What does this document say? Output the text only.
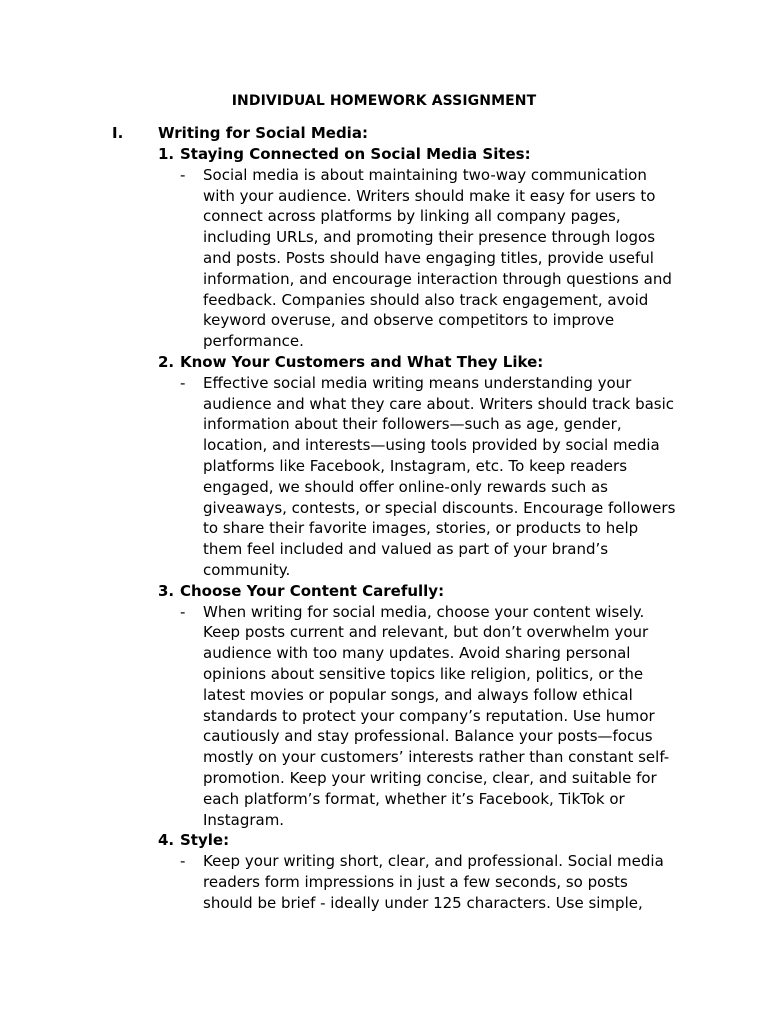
INDIVIDUAL HOMEWORK ASSIGNMENT
I. Writing for Social Media:
1. Staying Connected on Social Media Sites:
- Social media is about maintaining two-way communication
with your audience. Writers should make it easy for users to
connect across platforms by linking all company pages,
including URLs, and promoting their presence through logos
and posts. Posts should have engaging titles, provide useful
information, and encourage interaction through questions and
feedback. Companies should also track engagement, avoid
keyword overuse, and observe competitors to improve
performance.
2. Know Your Customers and What They Like:
- Effective social media writing means understanding your
audience and what they care about. Writers should track basic
information about their followers—such as age, gender,
location, and interests—using tools provided by social media
platforms like Facebook, Instagram, etc. To keep readers
engaged, we should offer online-only rewards such as
giveaways, contests, or special discounts. Encourage followers
to share their favorite images, stories, or products to help
them feel included and valued as part of your brand’s
community.
3. Choose Your Content Carefully:
- When writing for social media, choose your content wisely.
Keep posts current and relevant, but don’t overwhelm your
audience with too many updates. Avoid sharing personal
opinions about sensitive topics like religion, politics, or the
latest movies or popular songs, and always follow ethical
standards to protect your company’s reputation. Use humor
cautiously and stay professional. Balance your posts—focus
mostly on your customers’ interests rather than constant self-
promotion. Keep your writing concise, clear, and suitable for
each platform’s format, whether it’s Facebook, TikTok or
Instagram.
4. Style:
- Keep your writing short, clear, and professional. Social media
readers form impressions in just a few seconds, so posts
should be brief - ideally under 125 characters. Use simple,
